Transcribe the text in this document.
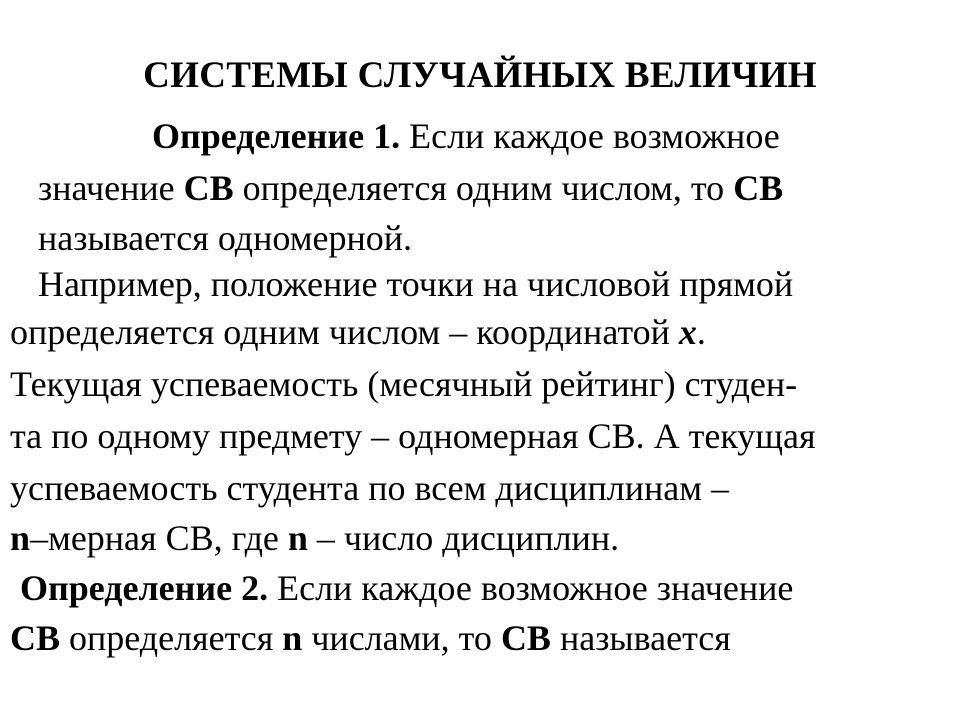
СИСТЕМЫ СЛУЧАЙНЫХ ВЕЛИЧИН
Определение 1. Если каждое возможное
значение СВ определяется одним числом, то СВ
называется одномерной.
Например, положение точки на числовой прямой
определяется одним числом – координатой x.
Текущая успеваемость (месячный рейтинг) студен-
та по одному предмету – одномерная СВ. А текущая
успеваемость студента по всем дисциплинам –
n–мерная СВ, где n – число дисциплин.
Определение 2. Если каждое возможное значение
СВ определяется n числами, то СВ называется
